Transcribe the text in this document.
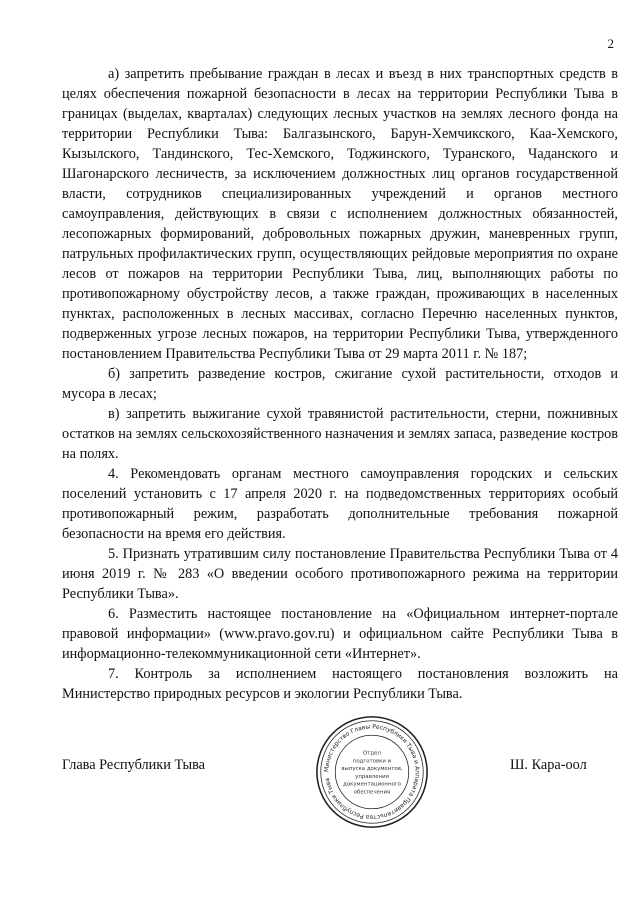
2

а) запретить пребывание граждан в лесах и въезд в них транспортных средств в целях обеспечения пожарной безопасности в лесах на территории Республики Тыва в границах (выделах, кварталах) следующих лесных участков на землях лесного фонда на территории Республики Тыва: Балгазынского, Барун-Хемчикского, Каа-Хемского, Кызылского, Тандинского, Тес-Хемского, Тоджинского, Туранского, Чаданского и Шагонарского лесничеств, за исключением должностных лиц органов государственной власти, сотрудников специализированных учреждений и органов местного самоуправления, действующих в связи с исполнением должностных обязанностей, лесопожарных формирований, добровольных пожарных дружин, маневренных групп, патрульных профилактических групп, осуществляющих рейдовые мероприятия по охране лесов от пожаров на территории Республики Тыва, лиц, выполняющих работы по противопожарному обустройству лесов, а также граждан, проживающих в населенных пунктах, расположенных в лесных массивах, согласно Перечню населенных пунктов, подверженных угрозе лесных пожаров, на территории Республики Тыва, утвержденного постановлением Правительства Республики Тыва от 29 марта 2011 г. № 187;

б) запретить разведение костров, сжигание сухой растительности, отходов и мусора в лесах;

в) запретить выжигание сухой травянистой растительности, стерни, пожнивных остатков на землях сельскохозяйственного назначения и землях запаса, разведение костров на полях.

4. Рекомендовать органам местного самоуправления городских и сельских поселений установить с 17 апреля 2020 г. на подведомственных территориях особый противопожарный режим, разработать дополнительные требования пожарной безопасности на время его действия.

5. Признать утратившим силу постановление Правительства Республики Тыва от 4 июня 2019 г. № 283 «О введении особого противопожарного режима на территории Республики Тыва».

6. Разместить настоящее постановление на «Официальном интернет-портале правовой информации» (www.pravo.gov.ru) и официальном сайте Республики Тыва в информационно-телекоммуникационной сети «Интернет».

7. Контроль за исполнением настоящего постановления возложить на Министерство природных ресурсов и экологии Республики Тыва.

Глава Республики Тыва	Ш. Кара-оол
Министерство Главы Республики Тыва и Аппарата Правительства Республики Тыва
Отдел
подготовки и
выпуска документов,
управления
документационного
обеспечения
